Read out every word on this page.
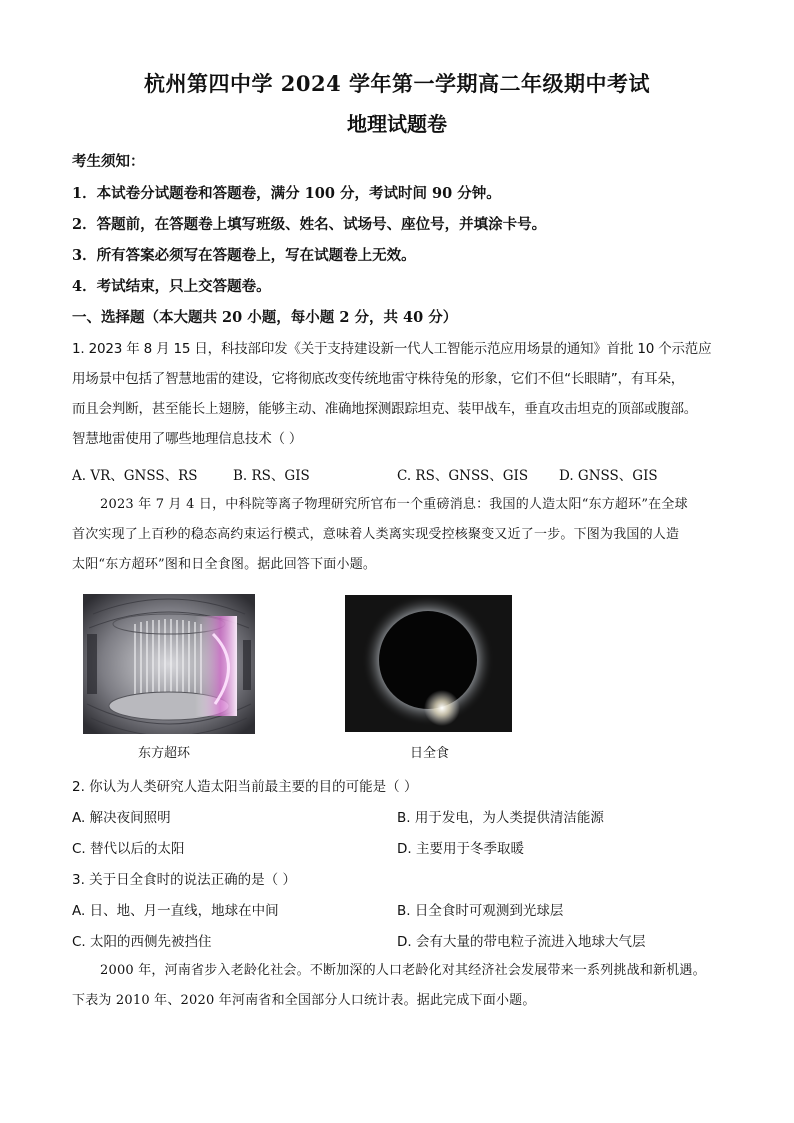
杭州第四中学 2024 学年第一学期高二年级期中考试
地理试题卷
考生须知：
1．本试卷分试题卷和答题卷，满分 100 分，考试时间 90 分钟。
2．答题前，在答题卷上填写班级、姓名、试场号、座位号，并填涂卡号。
3．所有答案必须写在答题卷上，写在试题卷上无效。
4．考试结束，只上交答题卷。
一、选择题（本大题共 20 小题，每小题 2 分，共 40 分）

1. 2023 年 8 月 15 日，科技部印发《关于支持建设新一代人工智能示范应用场景的通知》首批 10 个示范应

用场景中包括了智慧地雷的建设，它将彻底改变传统地雷守株待兔的形象，它们不但“长眼睛”，有耳朵，

而且会判断，甚至能长上翅膀，能够主动、准确地探测跟踪坦克、装甲战车，垂直攻击坦克的顶部或腹部。

智慧地雷使用了哪些地理信息技术（ ）

A. VR、GNSS、RS	B. RS、GIS	C. RS、GNSS、GIS D. GNSS、GIS

2023 年 7 月 4 日，中科院等离子物理研究所官布一个重磅消息：我国的人造太阳“东方超环”在全球

首次实现了上百秒的稳态高约束运行模式，意味着人类离实现受控核聚变又近了一步。下图为我国的人造

太阳“东方超环”图和日全食图。据此回答下面小题。

东方超环	日全食
2. 你认为人类研究人造太阳当前最主要的目的可能是（ ）
A. 解决夜间照明	B. 用于发电，为人类提供清洁能源
C. 替代以后的太阳	D. 主要用于冬季取暖
3. 关于日全食时的说法正确的是（ ）
A. 日、地、月一直线，地球在中间	B. 日全食时可观测到光球层
C. 太阳的西侧先被挡住	D. 会有大量的带电粒子流进入地球大气层

2000 年，河南省步入老龄化社会。不断加深的人口老龄化对其经济社会发展带来一系列挑战和新机遇。

下表为 2010 年、2020 年河南省和全国部分人口统计表。据此完成下面小题。
